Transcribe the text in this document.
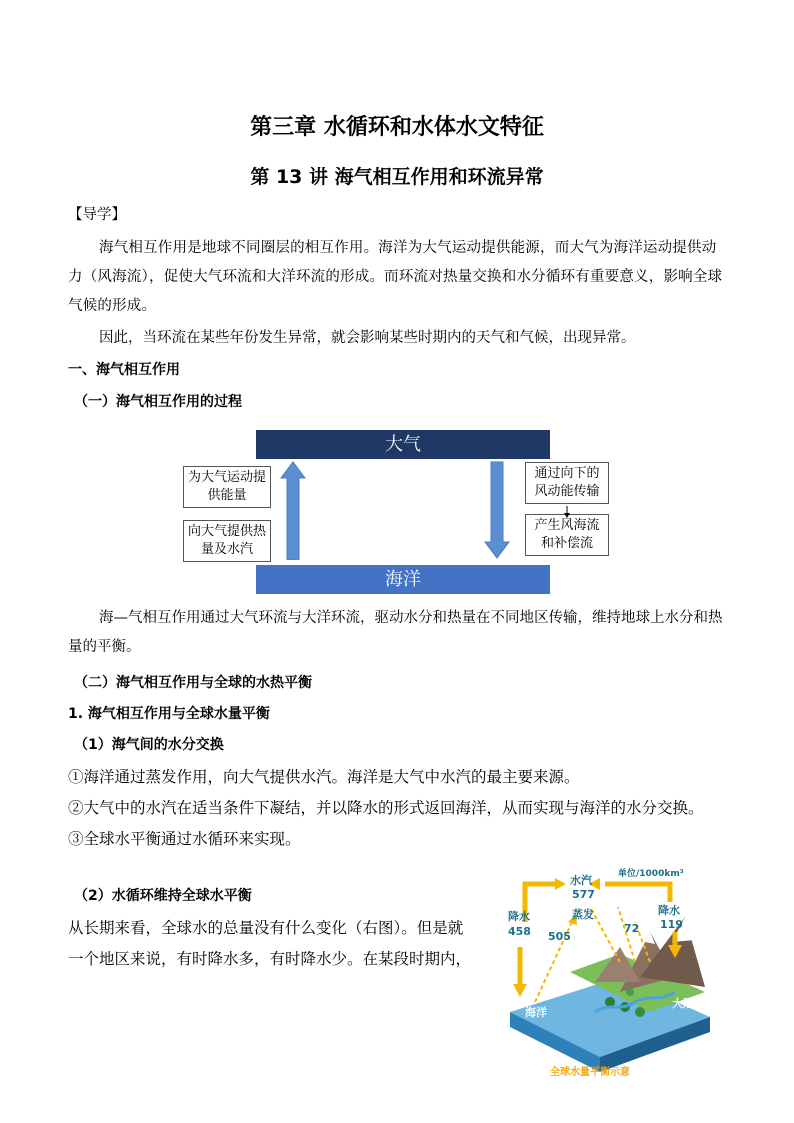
第三章 水循环和水体水文特征
第 13 讲 海气相互作用和环流异常
【导学】
海气相互作用是地球不同圈层的相互作用。海洋为大气运动提供能源，而大气为海洋运动提供动力（风海流），促使大气环流和大洋环流的形成。而环流对热量交换和水分循环有重要意义，影响全球气候的形成。
因此，当环流在某些年份发生异常，就会影响某些时期内的天气和气候，出现异常。
一、海气相互作用
（一）海气相互作用的过程
大气
海洋
为大气运动提供能量
向大气提供热量及水汽
通过向下的风动能传输
产生风海流和补偿流
海—气相互作用通过大气环流与大洋环流，驱动水分和热量在不同地区传输，维持地球上水分和热量的平衡。
（二）海气相互作用与全球的水热平衡
1. 海气相互作用与全球水量平衡
（1）海气间的水分交换
①海洋通过蒸发作用，向大气提供水汽。海洋是大气中水汽的最主要来源。
②大气中的水汽在适当条件下凝结，并以降水的形式返回海洋，从而实现与海洋的水分交换。
③全球水平衡通过水循环来实现。
（2）水循环维持全球水平衡
从长期来看，全球水的总量没有什么变化（右图）。但是就
一个地区来说，有时降水多，有时降水少。在某段时期内，
单位/1000km³
水汽
577
降水
458
蒸发
505
72
降水
119
大陆
海洋
全球水量平衡示意
